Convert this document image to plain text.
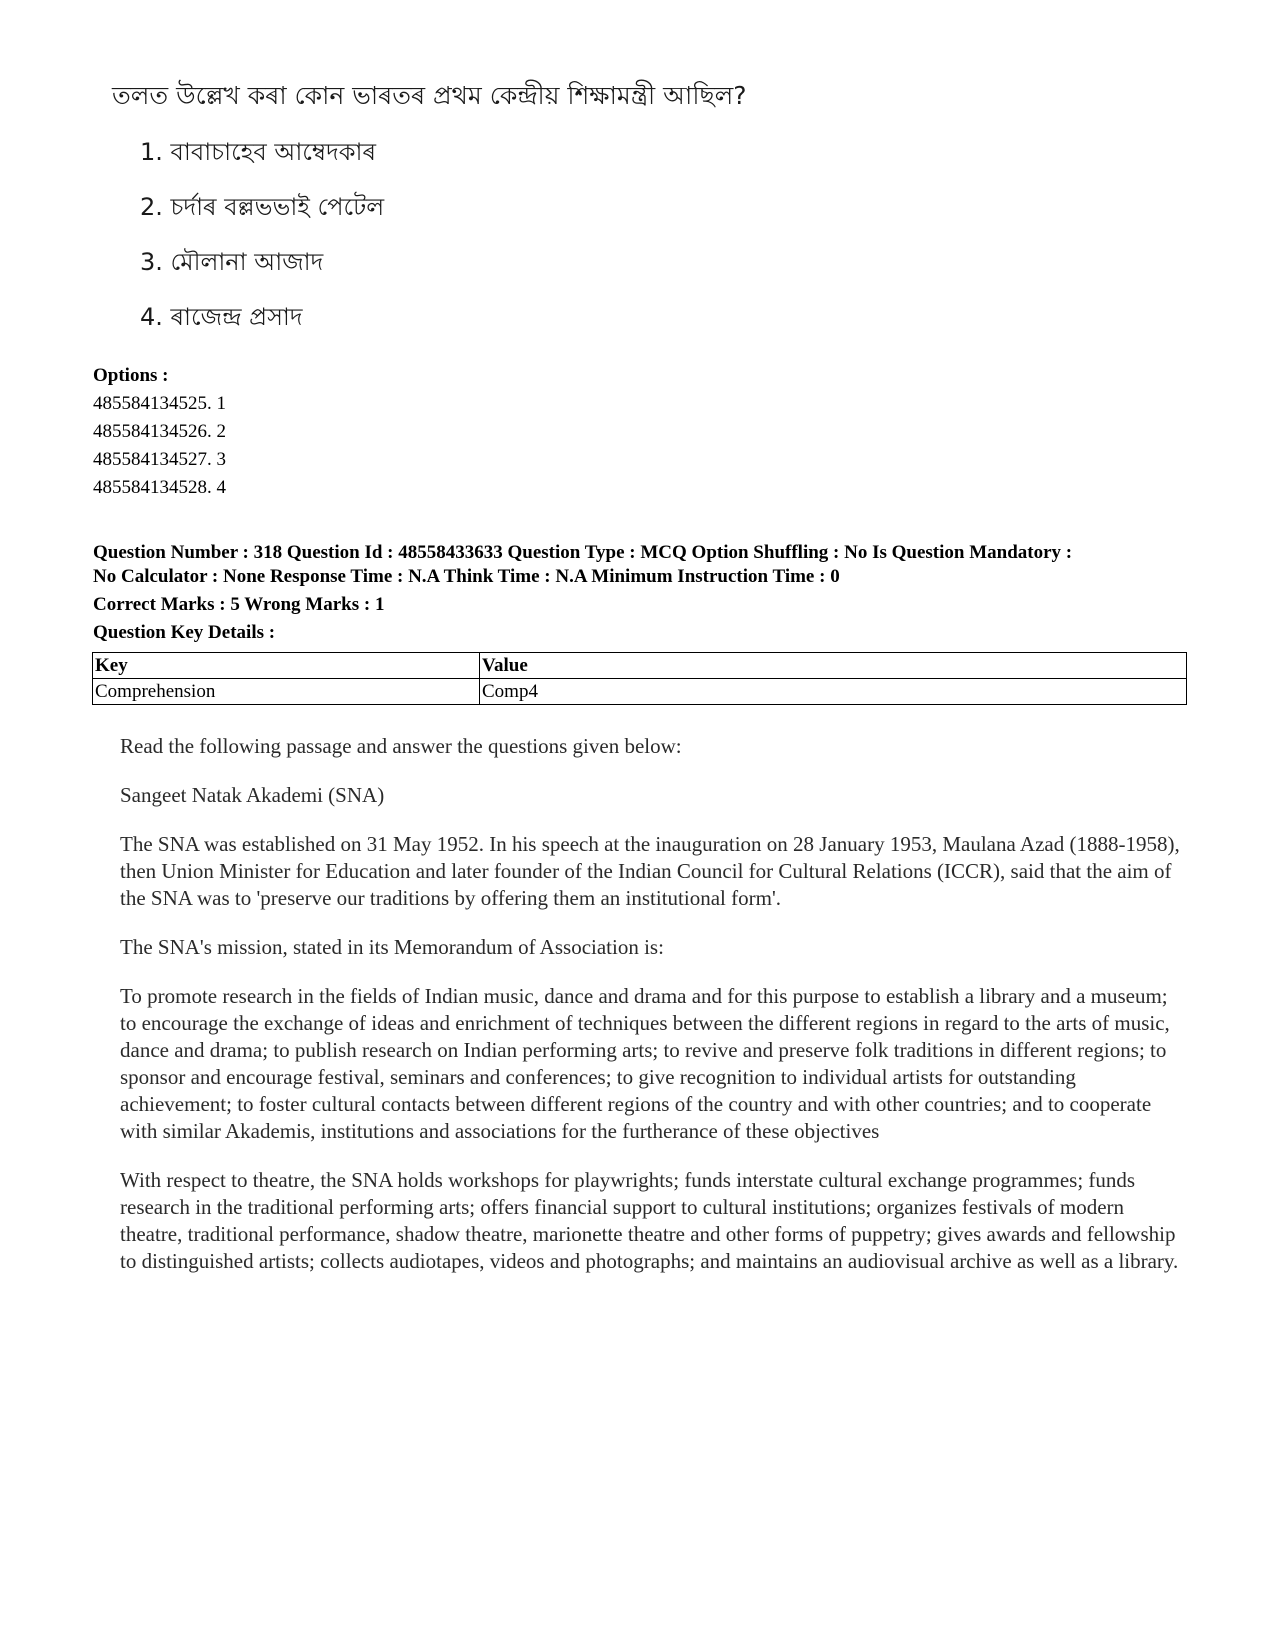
তলত উল্লেখ কৰা কোন ভাৰতৰ প্ৰথম কেন্দ্ৰীয় শিক্ষামন্ত্ৰী আছিল?
1. বাবাচাহেব আম্বেদকাৰ
2. চৰ্দাৰ বল্লভভাই পেটেল
3. মৌলানা আজাদ
4. ৰাজেন্দ্ৰ প্ৰসাদ
Options :
485584134525. 1
485584134526. 2
485584134527. 3
485584134528. 4
Question Number : 318 Question Id : 48558433633 Question Type : MCQ Option Shuffling : No Is Question Mandatory :
No Calculator : None Response Time : N.A Think Time : N.A Minimum Instruction Time : 0
Correct Marks : 5 Wrong Marks : 1
Question Key Details :
Key	Value
Comprehension	Comp4

Read the following passage and answer the questions given below:

Sangeet Natak Akademi (SNA)

The SNA was established on 31 May 1952. In his speech at the inauguration on 28 January 1953, Maulana Azad (1888-1958), then Union Minister for Education and later founder of the Indian Council for Cultural Relations (ICCR), said that the aim of the SNA was to 'preserve our traditions by offering them an institutional form'.

The SNA's mission, stated in its Memorandum of Association is:

To promote research in the fields of Indian music, dance and drama and for this purpose to establish a library and a museum; to encourage the exchange of ideas and enrichment of techniques between the different regions in regard to the arts of music, dance and drama; to publish research on Indian performing arts; to revive and preserve folk traditions in different regions; to sponsor and encourage festival, seminars and conferences; to give recognition to individual artists for outstanding achievement; to foster cultural contacts between different regions of the country and with other countries; and to cooperate with similar Akademis, institutions and associations for the furtherance of these objectives

With respect to theatre, the SNA holds workshops for playwrights; funds interstate cultural exchange programmes; funds research in the traditional performing arts; offers financial support to cultural institutions; organizes festivals of modern theatre, traditional performance, shadow theatre, marionette theatre and other forms of puppetry; gives awards and fellowship to distinguished artists; collects audiotapes, videos and photographs; and maintains an audiovisual archive as well as a library.
